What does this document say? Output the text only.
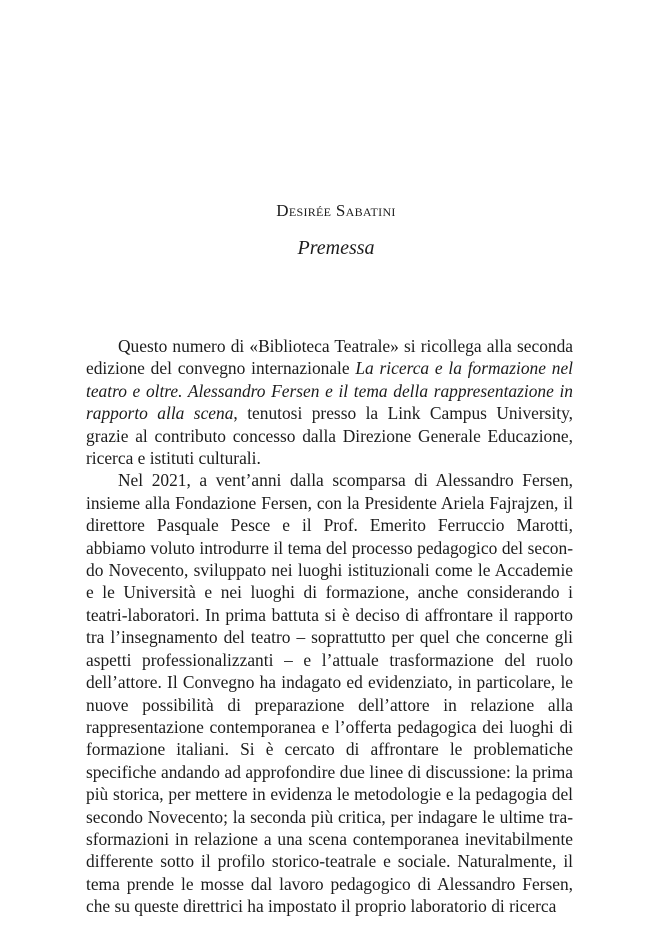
Desirée Sabatini
Premessa

Questo numero di «Biblioteca Teatrale» si ricollega alla seconda edizione del convegno internazionale La ricerca e la formazione nel teatro e oltre. Alessandro Fersen e il tema della rappresentazione in rapporto alla scena, tenutosi presso la Link Campus University, grazie al contributo concesso dalla Direzione Generale Educazione, ricerca e istituti culturali.

Nel 2021, a vent’anni dalla scomparsa di Alessandro Fersen, insieme alla Fondazione Fersen, con la Presidente Ariela Fajrajzen, il direttore Pasquale Pesce e il Prof. Emerito Ferruccio Marotti, abbiamo voluto introdurre il tema del processo pedagogico del secondo Novecento, sviluppato nei luoghi istituzionali come le Accademie e le Università e nei luoghi di formazione, anche considerando i teatri-laboratori. In prima battuta si è deciso di affrontare il rapporto tra l’insegnamento del teatro – soprattutto per quel che concerne gli aspetti professionalizzanti – e l’attuale trasformazione del ruolo dell’attore. Il Convegno ha indagato ed evidenziato, in particolare, le nuove possibilità di preparazione dell’attore in relazione alla rappresentazione contemporanea e l’offerta pedagogica dei luoghi di formazione italiani. Si è cercato di affrontare le problematiche specifiche andando ad approfondire due linee di discussione: la prima più storica, per mettere in evidenza le metodologie e la pedagogia del secondo Novecento; la seconda più critica, per indagare le ultime trasformazioni in relazione a una scena contemporanea inevitabilmente differente sotto il profilo storico-teatrale e sociale. Naturalmente, il tema prende le mosse dal lavoro pedagogico di Alessandro Fersen, che su queste direttrici ha impostato il proprio laboratorio di ricerca
